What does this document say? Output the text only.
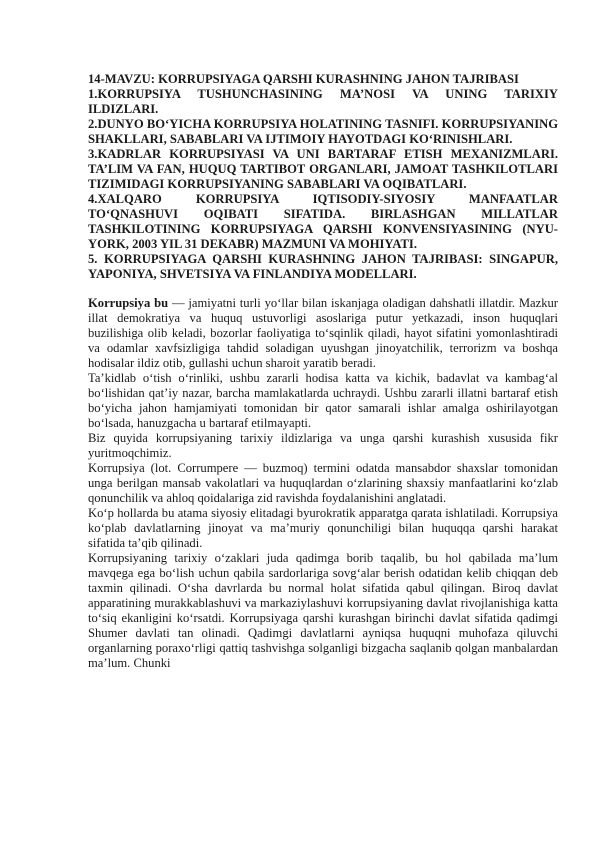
14-MAVZU: KORRUPSIYAGA QARSHI KURASHNING JAHON TAJRIBASI

1.KORRUPSIYA TUSHUNCHASINING MA’NOSI VA UNING TARIXIY ILDIZLARI.

2.DUNYO BO‘YICHA KORRUPSIYA HOLATINING TASNIFI. KORRUPSIYANING SHAKLLARI, SABABLARI VA IJTIMOIY HAYOTDAGI KO‘RINISHLARI.

3.KADRLAR KORRUPSIYASI VA UNI BARTARAF ETISH MEXANIZMLARI. TA’LIM VA FAN, HUQUQ TARTIBOT ORGANLARI, JAMOAT TASHKILOTLARI TIZIMIDAGI KORRUPSIYANING SABABLARI VA OQIBATLARI.

4.XALQARO KORRUPSIYA IQTISODIY-SIYOSIY MANFAATLAR TO‘QNASHUVI OQIBATI SIFATIDA. BIRLASHGAN MILLATLAR TASHKILOTINING KORRUPSIYAGA QARSHI KONVENSIYASINING (NYU-YORK, 2003 YIL 31 DEKABR) MAZMUNI VA MOHIYATI.

5. KORRUPSIYAGA QARSHI KURASHNING JAHON TAJRIBASI: SINGAPUR, YAPONIYA, SHVETSIYA VA FINLANDIYA MODELLARI.

Korrupsiya bu — jamiyatni turli yo‘llar bilan iskanjaga oladigan dahshatli illatdir. Mazkur illat demokratiya va huquq ustuvorligi asoslariga putur yetkazadi, inson huquqlari buzilishiga olib keladi, bozorlar faoliyatiga to‘sqinlik qiladi, hayot sifatini yomonlashtiradi va odamlar xavfsizligiga tahdid soladigan uyushgan jinoyatchilik, terrorizm va boshqa hodisalar ildiz otib, gullashi uchun sharoit yaratib beradi.

Ta’kidlab o‘tish o‘rinliki, ushbu zararli hodisa katta va kichik, badavlat va kambag‘al bo‘lishidan qat’iy nazar, barcha mamlakatlarda uchraydi. Ushbu zararli illatni bartaraf etish bo‘yicha jahon hamjamiyati tomonidan bir qator samarali ishlar amalga oshirilayotgan bo‘lsada, hanuzgacha u bartaraf etilmayapti.

Biz quyida korrupsiyaning tarixiy ildizlariga va unga qarshi kurashish xususida fikr yuritmoqchimiz.

Korrupsiya (lot. Corrumpere — buzmoq) termini odatda mansabdor shaxslar tomonidan unga berilgan mansab vakolatlari va huquqlardan o‘zlarining shaxsiy manfaatlarini ko‘zlab qonunchilik va ahloq qoidalariga zid ravishda foydalanishini anglatadi.

Ko‘p hollarda bu atama siyosiy elitadagi byurokratik apparatga qarata ishlatiladi. Korrupsiya ko‘plab davlatlarning jinoyat va ma’muriy qonunchiligi bilan huquqqa qarshi harakat sifatida ta’qib qilinadi.

Korrupsiyaning tarixiy o‘zaklari juda qadimga borib taqalib, bu hol qabilada ma’lum mavqega ega bo‘lish uchun qabila sardorlariga sovg‘alar berish odatidan kelib chiqqan deb taxmin qilinadi. O‘sha davrlarda bu normal holat sifatida qabul qilingan. Biroq davlat apparatining murakkablashuvi va markaziylashuvi korrupsiyaning davlat rivojlanishiga katta to‘siq ekanligini ko‘rsatdi. Korrupsiyaga qarshi kurashgan birinchi davlat sifatida qadimgi Shumer davlati tan olinadi. Qadimgi davlatlarni ayniqsa huquqni muhofaza qiluvchi organlarning poraxo‘rligi qattiq tashvishga solganligi bizgacha saqlanib qolgan manbalardan ma’lum. Chunki
